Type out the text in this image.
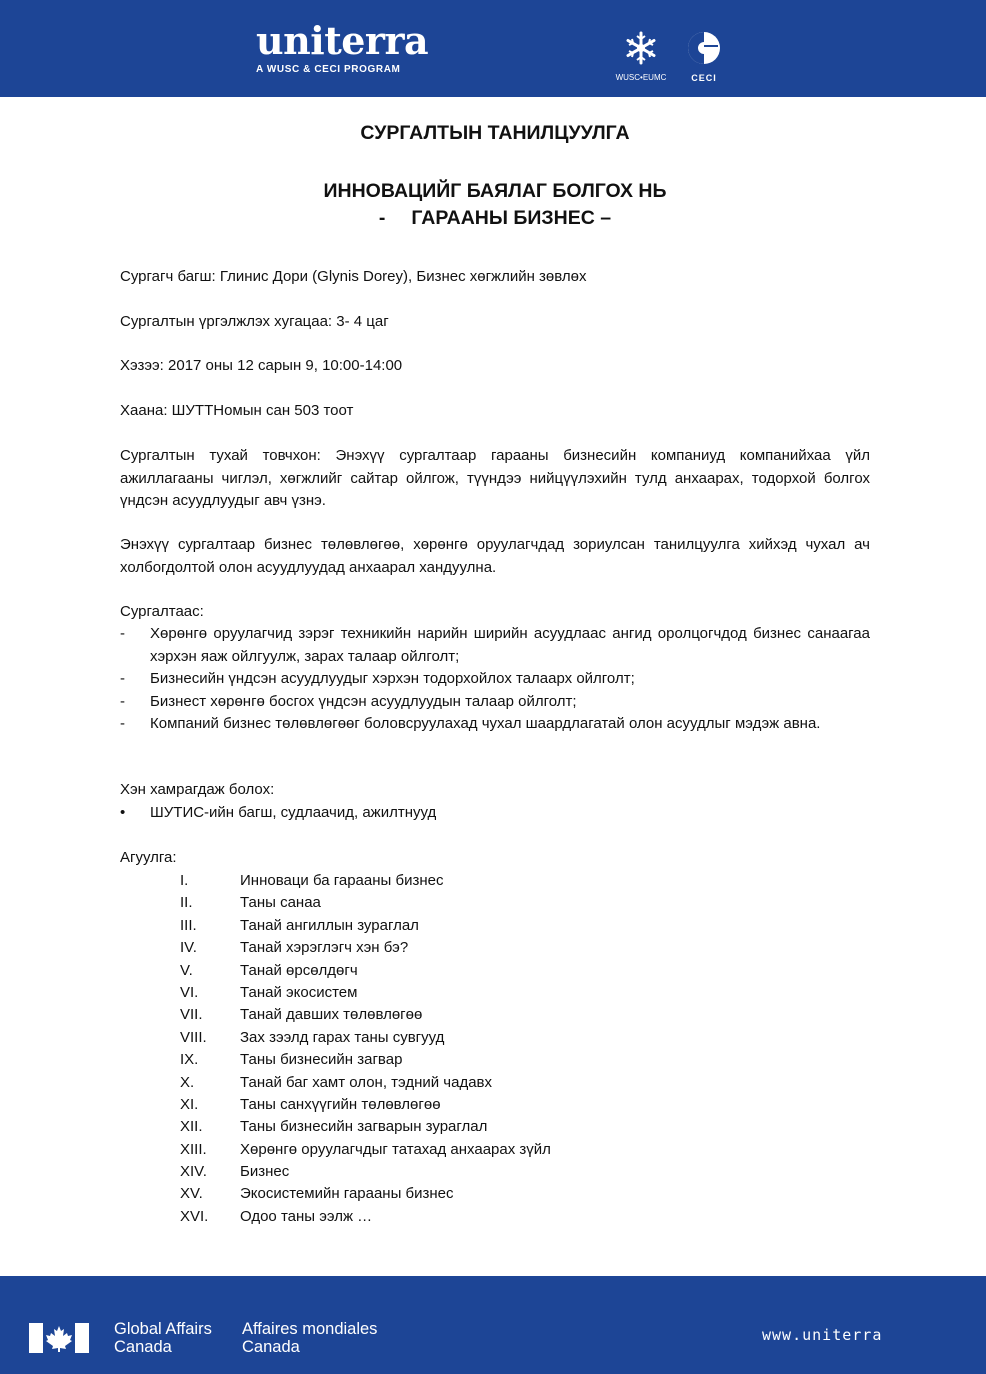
uniterra
A WUSC & CECI PROGRAM
WUSC•EUMC	CECI
СУРГАЛТЫН ТАНИЛЦУУЛГА
ИННОВАЦИЙГ БАЯЛАГ БОЛГОХ НЬ
- ГАРААНЫ БИЗНЕС –
Сургагч багш: Глинис Дори (Glynis Dorey), Бизнес хөгжлийн зөвлөх
Сургалтын үргэлжлэх хугацаа: 3- 4 цаг
Хэзээ: 2017 оны 12 сарын 9, 10:00-14:00
Хаана: ШУТТНомын сан 503 тоот
Сургалтын тухай товчхон: Энэхүү сургалтаар гарааны бизнесийн компаниуд компанийхаа үйл ажиллагааны чиглэл, хөгжлийг сайтар ойлгож, түүндээ нийцүүлэхийн тулд анхаарах, тодорхой болгох үндсэн асуудлуудыг авч үзнэ.
Энэхүү сургалтаар бизнес төлөвлөгөө, хөрөнгө оруулагчдад зориулсан танилцуулга хийхэд чухал ач холбогдолтой олон асуудлуудад анхаарал хандуулна.
Сургалтаас:
- Хөрөнгө оруулагчид зэрэг техникийн нарийн ширийн асуудлаас ангид оролцогчдод бизнес санаагаа хэрхэн яаж ойлгуулж, зарах талаар ойлголт;
- Бизнесийн үндсэн асуудлуудыг хэрхэн тодорхойлох талаарх ойлголт;
- Бизнест хөрөнгө босгох үндсэн асуудлуудын талаар ойлголт;
- Компаний бизнес төлөвлөгөөг боловсруулахад чухал шаардлагатай олон асуудлыг мэдэж авна.
Хэн хамрагдаж болох:
• ШУТИС-ийн багш, судлаачид, ажилтнууд
Агуулга:
I.	Инноваци ба гарааны бизнес
II.	Таны санаа
III.	Танай ангиллын зураглал
IV.	Танай хэрэглэгч хэн бэ?
V.	Танай өрсөлдөгч
VI.	Танай экосистем
VII. Танай давших төлөвлөгөө
VIII. Зах зээлд гарах таны сувгууд
IX.	Таны бизнесийн загвар
X.	Танай баг хамт олон, тэдний чадавх
XI.	Таны санхүүгийн төлөвлөгөө
XII. Таны бизнесийн загварын зураглал
XIII. Хөрөнгө оруулагчдыг татахад анхаарах зүйл
XIV. Бизнес
XV. Экосистемийн гарааны бизнес
XVI. Одоо таны ээлж …
Global Affairs
Canada
Affaires mondiales
Canada
www.uniterra
